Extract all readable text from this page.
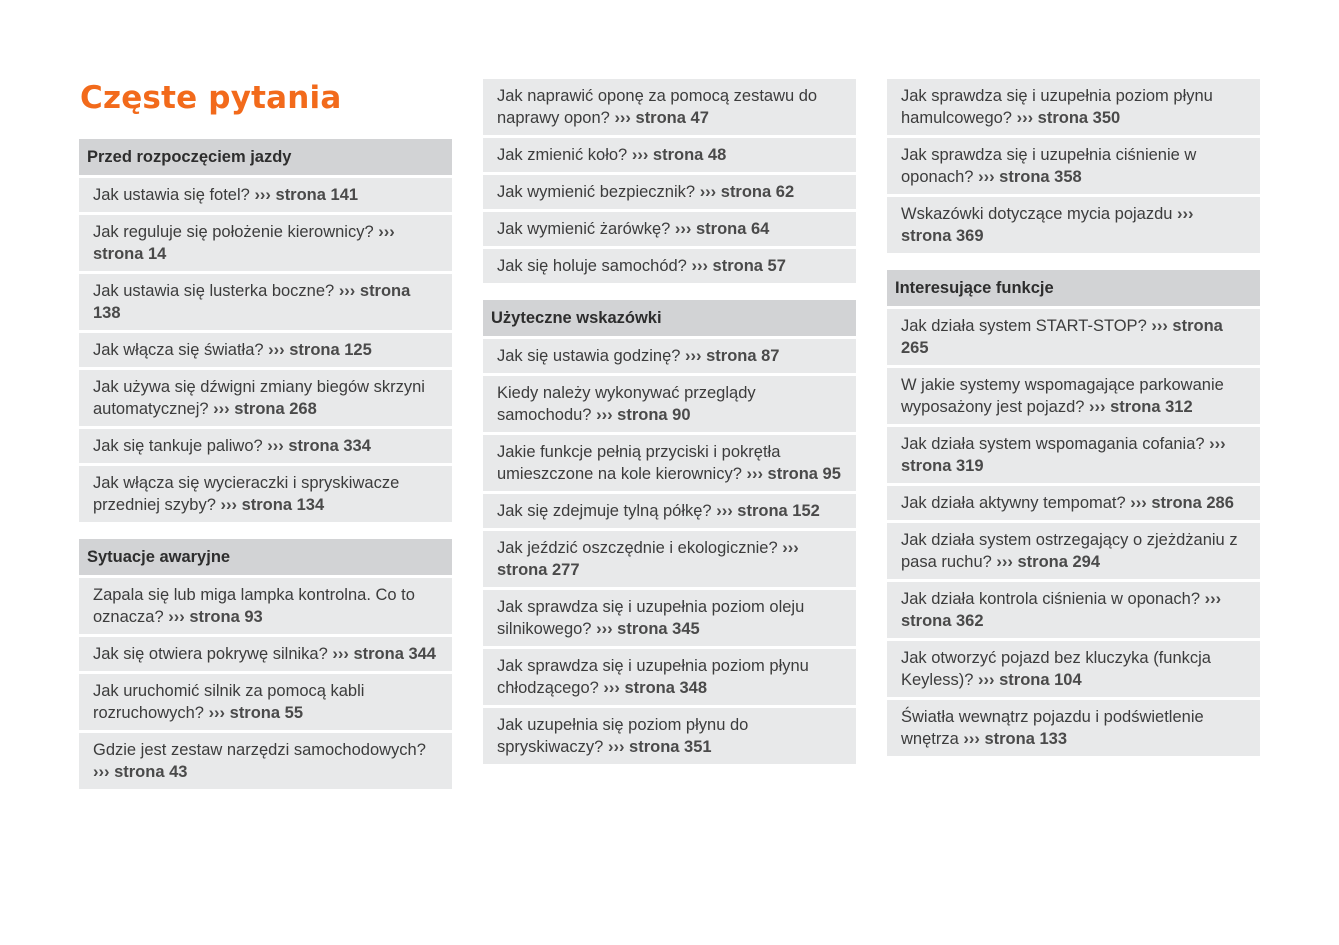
Częste pytania
Przed rozpoczęciem jazdy
Jak ustawia się fotel? ››› strona 141
Jak reguluje się położenie kierownicy? ››› strona 14
Jak ustawia się lusterka boczne? ››› strona 138
Jak włącza się światła? ››› strona 125
Jak używa się dźwigni zmiany biegów skrzyni automatycznej? ››› strona 268
Jak się tankuje paliwo? ››› strona 334
Jak włącza się wycieraczki i spryskiwacze przedniej szyby? ››› strona 134
Sytuacje awaryjne
Zapala się lub miga lampka kontrolna. Co to oznacza? ››› strona 93
Jak się otwiera pokrywę silnika? ››› strona 344
Jak uruchomić silnik za pomocą kabli rozruchowych? ››› strona 55
Gdzie jest zestaw narzędzi samochodowych? ››› strona 43
Jak naprawić oponę za pomocą zestawu do naprawy opon? ››› strona 47
Jak zmienić koło? ››› strona 48
Jak wymienić bezpiecznik? ››› strona 62
Jak wymienić żarówkę? ››› strona 64
Jak się holuje samochód? ››› strona 57
Użyteczne wskazówki
Jak się ustawia godzinę? ››› strona 87
Kiedy należy wykonywać przeglądy samochodu? ››› strona 90
Jakie funkcje pełnią przyciski i pokrętła umieszczone na kole kierownicy? ››› strona 95
Jak się zdejmuje tylną półkę? ››› strona 152
Jak jeździć oszczędnie i ekologicznie? ››› strona 277
Jak sprawdza się i uzupełnia poziom oleju silnikowego? ››› strona 345
Jak sprawdza się i uzupełnia poziom płynu chłodzącego? ››› strona 348
Jak uzupełnia się poziom płynu do spryskiwaczy? ››› strona 351
Jak sprawdza się i uzupełnia poziom płynu hamulcowego? ››› strona 350
Jak sprawdza się i uzupełnia ciśnienie w oponach? ››› strona 358
Wskazówki dotyczące mycia pojazdu ››› strona 369
Interesujące funkcje
Jak działa system START-STOP? ››› strona 265
W jakie systemy wspomagające parkowanie wyposażony jest pojazd? ››› strona 312
Jak działa system wspomagania cofania? ››› strona 319
Jak działa aktywny tempomat? ››› strona 286
Jak działa system ostrzegający o zjeżdżaniu z pasa ruchu? ››› strona 294
Jak działa kontrola ciśnienia w oponach? ››› strona 362
Jak otworzyć pojazd bez kluczyka (funkcja Keyless)? ››› strona 104
Światła wewnątrz pojazdu i podświetlenie wnętrza ››› strona 133
